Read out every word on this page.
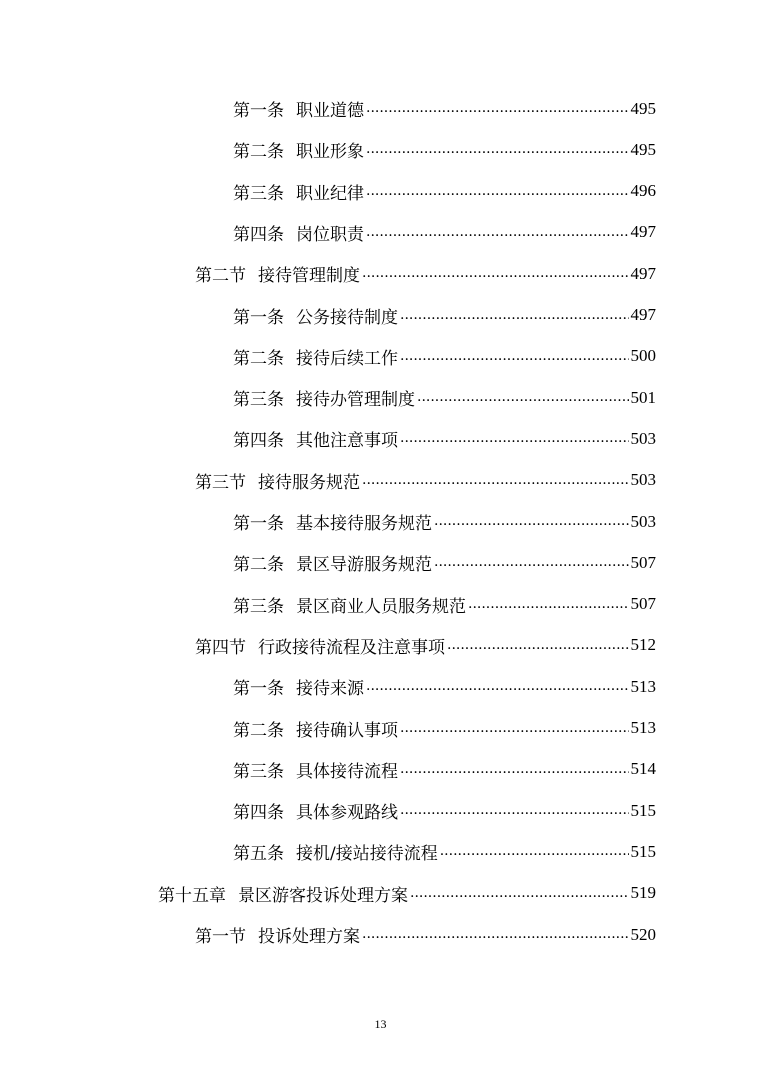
第一条 职业道德 .....	495
第二条 职业形象 .....	495
第三条 职业纪律 .....	496
第四条 岗位职责 .....	497
第二节 接待管理制度 .....	497
第一条 公务接待制度 .....	497
第二条 接待后续工作 .....	500
第三条 接待办管理制度 .....	501
第四条 其他注意事项 .....	503
第三节 接待服务规范 .....	503
第一条 基本接待服务规范 .....	503
第二条 景区导游服务规范 .....	507
第三条 景区商业人员服务规范 .....	507
第四节 行政接待流程及注意事项 .....	512
第一条 接待来源 .....	513
第二条 接待确认事项 .....	513
第三条 具体接待流程 .....	514
第四条 具体参观路线 .....	515
第五条 接机/接站接待流程 .....	515
第十五章 景区游客投诉处理方案 .....	519
第一节 投诉处理方案 .....	520
13
